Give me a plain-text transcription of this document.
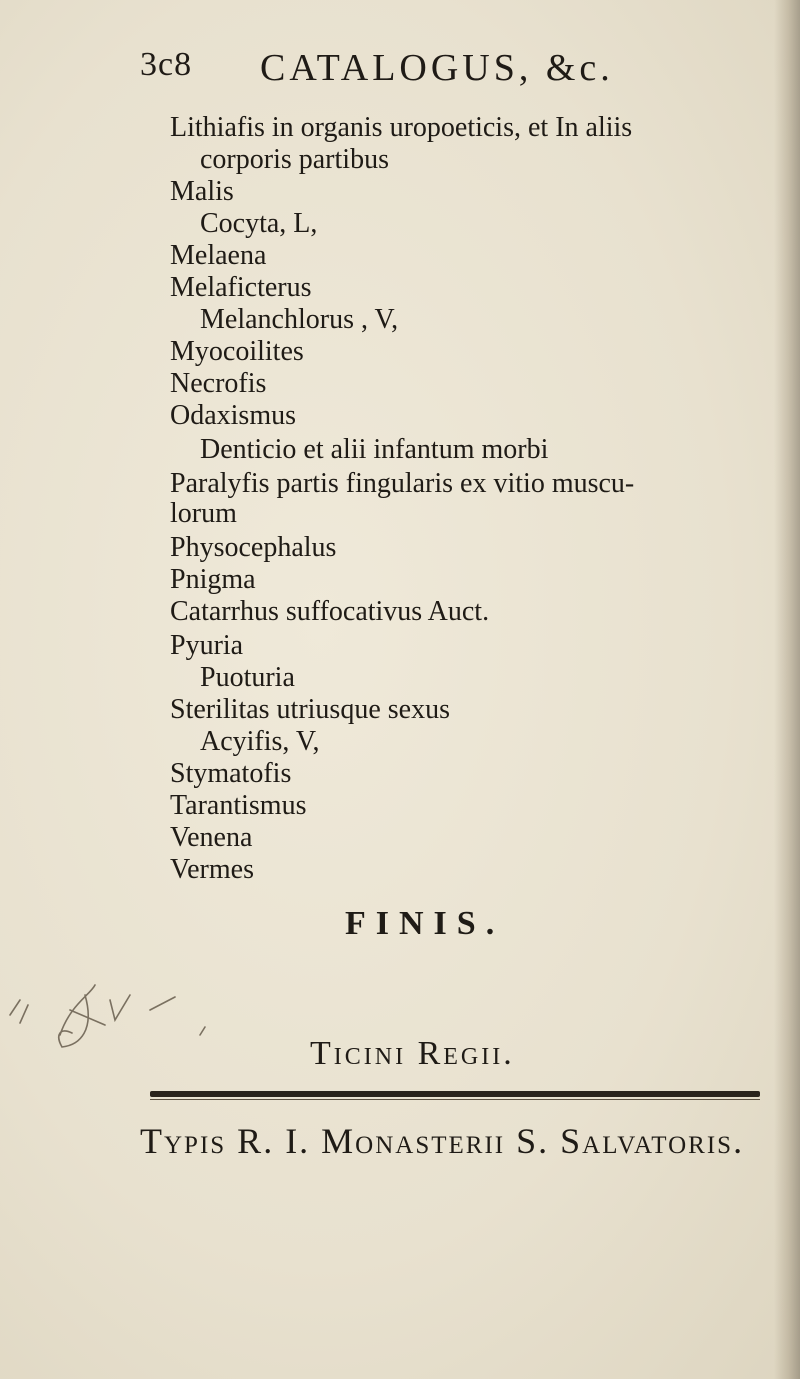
3c8 CATALOGUS, &c.
Lithiafis in organis uropoeticis, et In aliis
corporis partibus
Malis
Cocyta, L,
Melaena
Melafiсterus
Melanchlorus , V,
Myocoilites
Necrofis
Odaxismus
Denticio et alii infantum morbi
Paralyfis partis fingularis ex vitio muscu-
lorum
Physocephalus
Pnigma
Catarrhus suffocativus Auct.
Pyuria
Puoturia
Sterilitas utriusque sexus
Acyifis, V,
Stymatofis
Tarantismus
Venena
Vermes
FINIS.
Ticini Regii.
Typis R. I. Monasterii S. Salvatoris.
